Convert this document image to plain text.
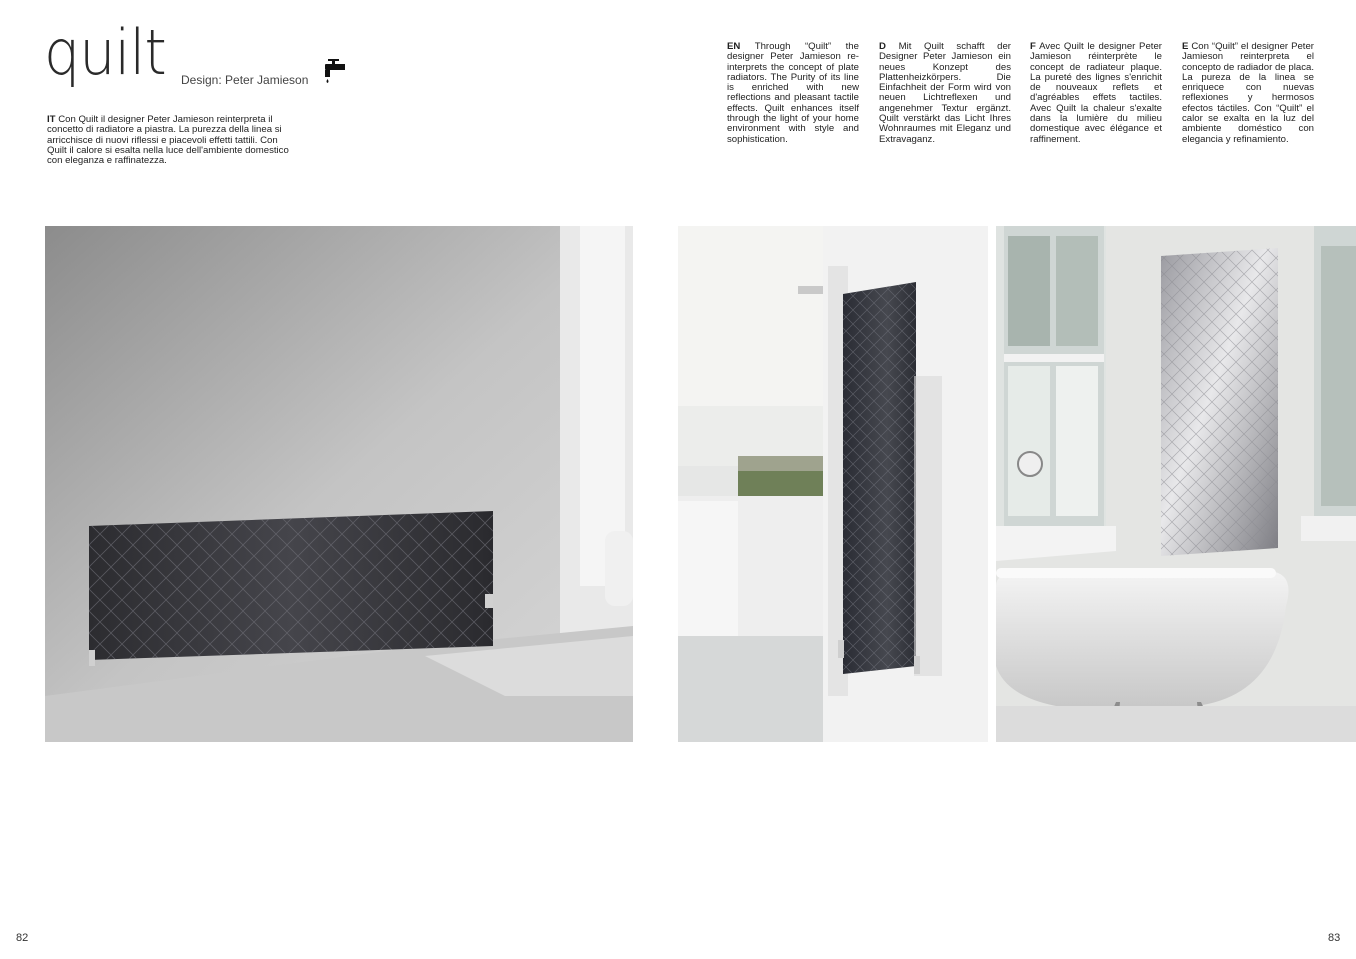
quilt Design: Peter Jamieson
IT Con Quilt il designer Peter Jamieson reinterpreta il concetto di radiatore a piastra. La purezza della linea si arricchisce di nuovi riflessi e piacevoli effetti tattili. Con Quilt il calore si esalta nella luce dell'ambiente domestico con eleganza e raffinatezza.
EN Through “Quilt” the designer Peter Jamieson re-interprets the concept of plate radiators. The Purity of its line is enriched with new reflections and pleasant tactile effects. Quilt enhances itself through the light of your home environment with style and sophistication.
D Mit Quilt schafft der Designer Peter Jamieson ein neues Konzept des Plattenheizkörpers. Die Einfachheit der Form wird von neuen Lichtreflexen und angenehmer Textur ergänzt. Quilt verstärkt das Licht Ihres Wohnraumes mit Eleganz und Extravaganz.
F Avec Quilt le designer Peter Jamieson réinterprète le concept de radiateur plaque. La pureté des lignes s'enrichit de nouveaux reflets et d'agréables effets tactiles. Avec Quilt la chaleur s'exalte dans la lumière du milieu domestique avec élégance et raffinement.
E Con “Quilt” el designer Peter Jamieson reinterpreta el concepto de radiador de placa. La pureza de la linea se enriquece con nuevas reflexiones y hermosos efectos táctiles. Con “Quilt” el calor se exalta en la luz del ambiente doméstico con elegancia y refinamiento.
82	83
